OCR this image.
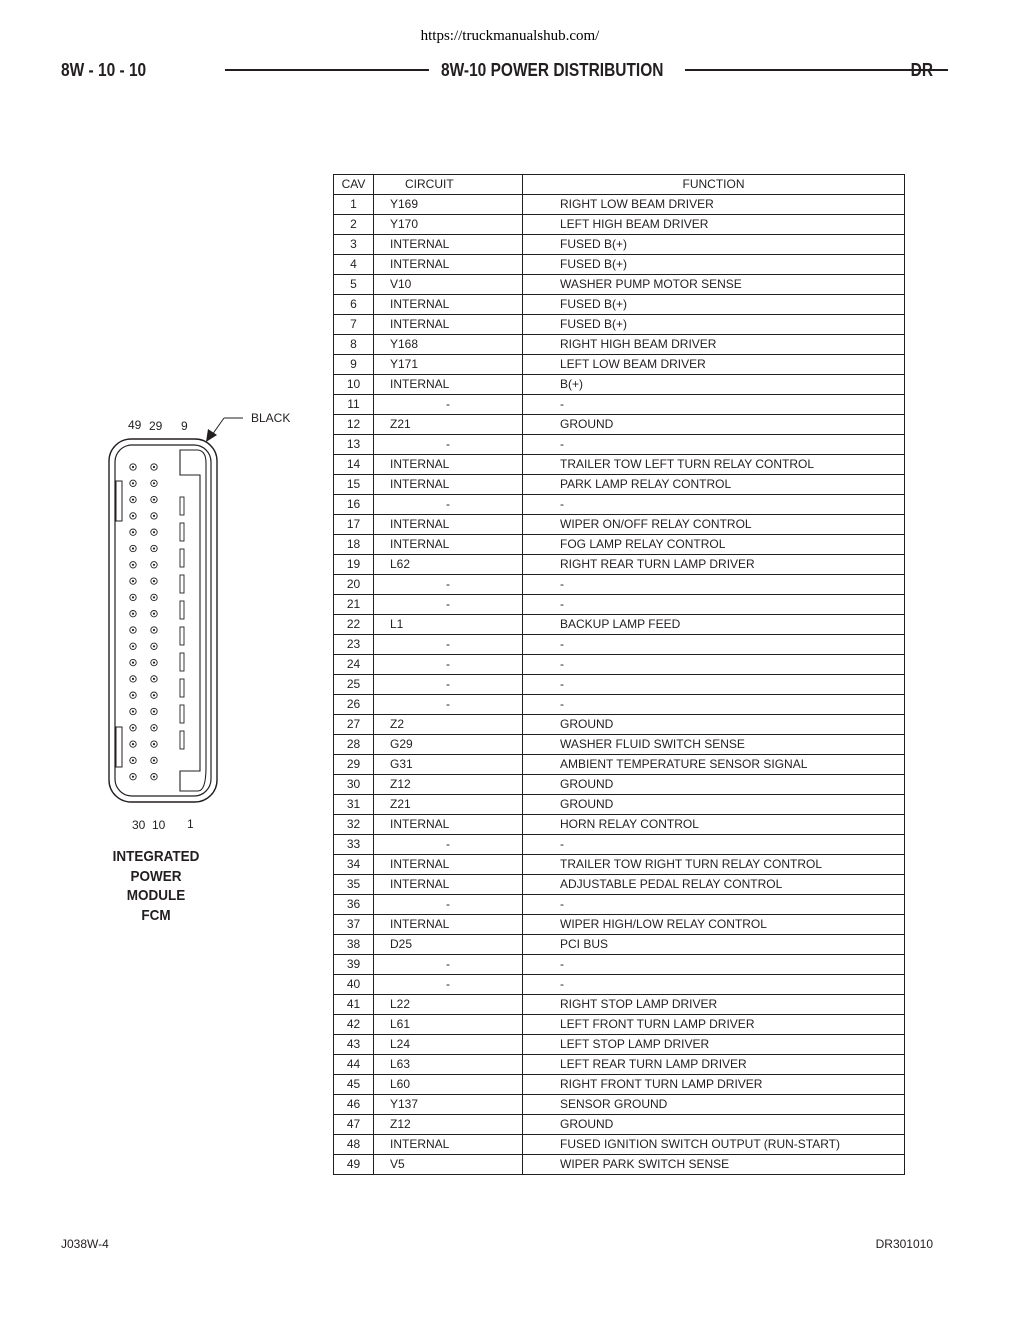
https://truckmanualshub.com/
8W - 10 - 10	8W-10 POWER DISTRIBUTION	DR
49 29 9
BLACK
30 10 1
INTEGRATED
POWER
MODULE
FCM
CAV	CIRCUIT	FUNCTION
1	Y169	RIGHT LOW BEAM DRIVER
2	Y170	LEFT HIGH BEAM DRIVER
3	INTERNAL	FUSED B(+)
4	INTERNAL	FUSED B(+)
5	V10	WASHER PUMP MOTOR SENSE
6	INTERNAL	FUSED B(+)
7	INTERNAL	FUSED B(+)
8	Y168	RIGHT HIGH BEAM DRIVER
9	Y171	LEFT LOW BEAM DRIVER
10	INTERNAL	B(+)
11	-	-
12	Z21	GROUND
13	-	-
14	INTERNAL	TRAILER TOW LEFT TURN RELAY CONTROL
15	INTERNAL	PARK LAMP RELAY CONTROL
16	-	-
17	INTERNAL	WIPER ON/OFF RELAY CONTROL
18	INTERNAL	FOG LAMP RELAY CONTROL
19	L62	RIGHT REAR TURN LAMP DRIVER
20	-	-
21	-	-
22	L1	BACKUP LAMP FEED
23	-	-
24	-	-
25	-	-
26	-	-
27	Z2	GROUND
28	G29	WASHER FLUID SWITCH SENSE
29	G31	AMBIENT TEMPERATURE SENSOR SIGNAL
30	Z12	GROUND
31	Z21	GROUND
32	INTERNAL	HORN RELAY CONTROL
33	-	-
34	INTERNAL	TRAILER TOW RIGHT TURN RELAY CONTROL
35	INTERNAL	ADJUSTABLE PEDAL RELAY CONTROL
36	-	-
37	INTERNAL	WIPER HIGH/LOW RELAY CONTROL
38	D25	PCI BUS
39	-	-
40	-	-
41	L22	RIGHT STOP LAMP DRIVER
42	L61	LEFT FRONT TURN LAMP DRIVER
43	L24	LEFT STOP LAMP DRIVER
44	L63	LEFT REAR TURN LAMP DRIVER
45	L60	RIGHT FRONT TURN LAMP DRIVER
46	Y137	SENSOR GROUND
47	Z12	GROUND
48	INTERNAL	FUSED IGNITION SWITCH OUTPUT (RUN-START)
49	V5	WIPER PARK SWITCH SENSE
J038W-4	DR301010
